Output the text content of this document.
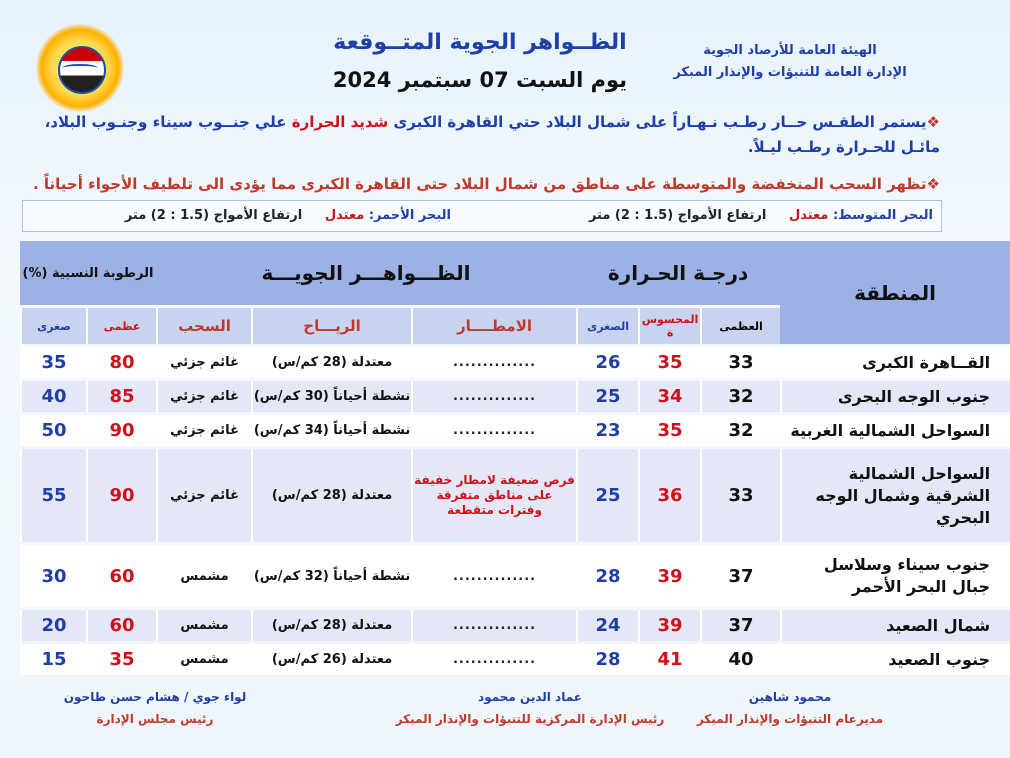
الظــواهر الجوية المتــوقعة
يوم السبت 07 سبتمبر 2024
الهيئة العامة للأرصاد الجوية
الإدارة العامة للتنبؤات والإنذار المبكر
❖يستمر الطقـس حــار رطـب نـهـاراً على شمال البلاد حتي القاهرة الكبرى شديد الحرارة علي جنــوب سيناء وجنـوب البلاد،
مائـل للحـرارة رطـب ليـلاً.
❖تظهر السحب المنخفضة والمتوسطة على مناطق من شمال البلاد حتى القاهرة الكبرى مما يؤدى الى تلطيف الأجواء أحياناً .
البحر المتوسط: معتدل     ارتفاع الأمواج (1.5 : 2) متر
البحر الأحمر: معتدل     ارتفاع الأمواج (1.5 : 2) متر
المنطقة	درجـة الحـرارة			الظـــواهـــر الجويـــة			الرطوبة النسبية (%)	
	العظمى	المحسوس ة	الصغرى	الامطــــار	الريـــاح	السحب	عظمى	صغرى
القــاهرة الكبرى	33	35	26	..............	معتدلة (28 كم/س)	غائم جزئي	80	35
جنوب الوجه البحرى	32	34	25	..............	نشطة أحياناً (30 كم/س)	غائم جزئي	85	40
السواحل الشمالية الغربية	32	35	23	..............	نشطة أحياناً (34 كم/س)	غائم جزئي	90	50
السواحل الشمالية الشرقية وشمال الوجه البحري	33	36	25	فرص ضعيفة لامطار خفيفة على مناطق متفرقة وفترات متقطعة	معتدلة (28 كم/س)	غائم جزئي	90	55
جنوب سيناء وسلاسل جبال البحر الأحمر	37	39	28	..............	نشطة أحياناً (32 كم/س)	مشمس	60	30
شمال الصعيد	37	39	24	..............	معتدلة (28 كم/س)	مشمس	60	20
جنوب الصعيد	40	41	28	..............	معتدلة (26 كم/س)	مشمس	35	15
محمود شاهين
مديرعام التنبؤات والإنذار المبكر
عماد الدين محمود
رئيس الإدارة المركزية للتنبؤات والإنذار المبكر
لواء جوي / هشام حسن طاحون
رئيس مجلس الإدارة
